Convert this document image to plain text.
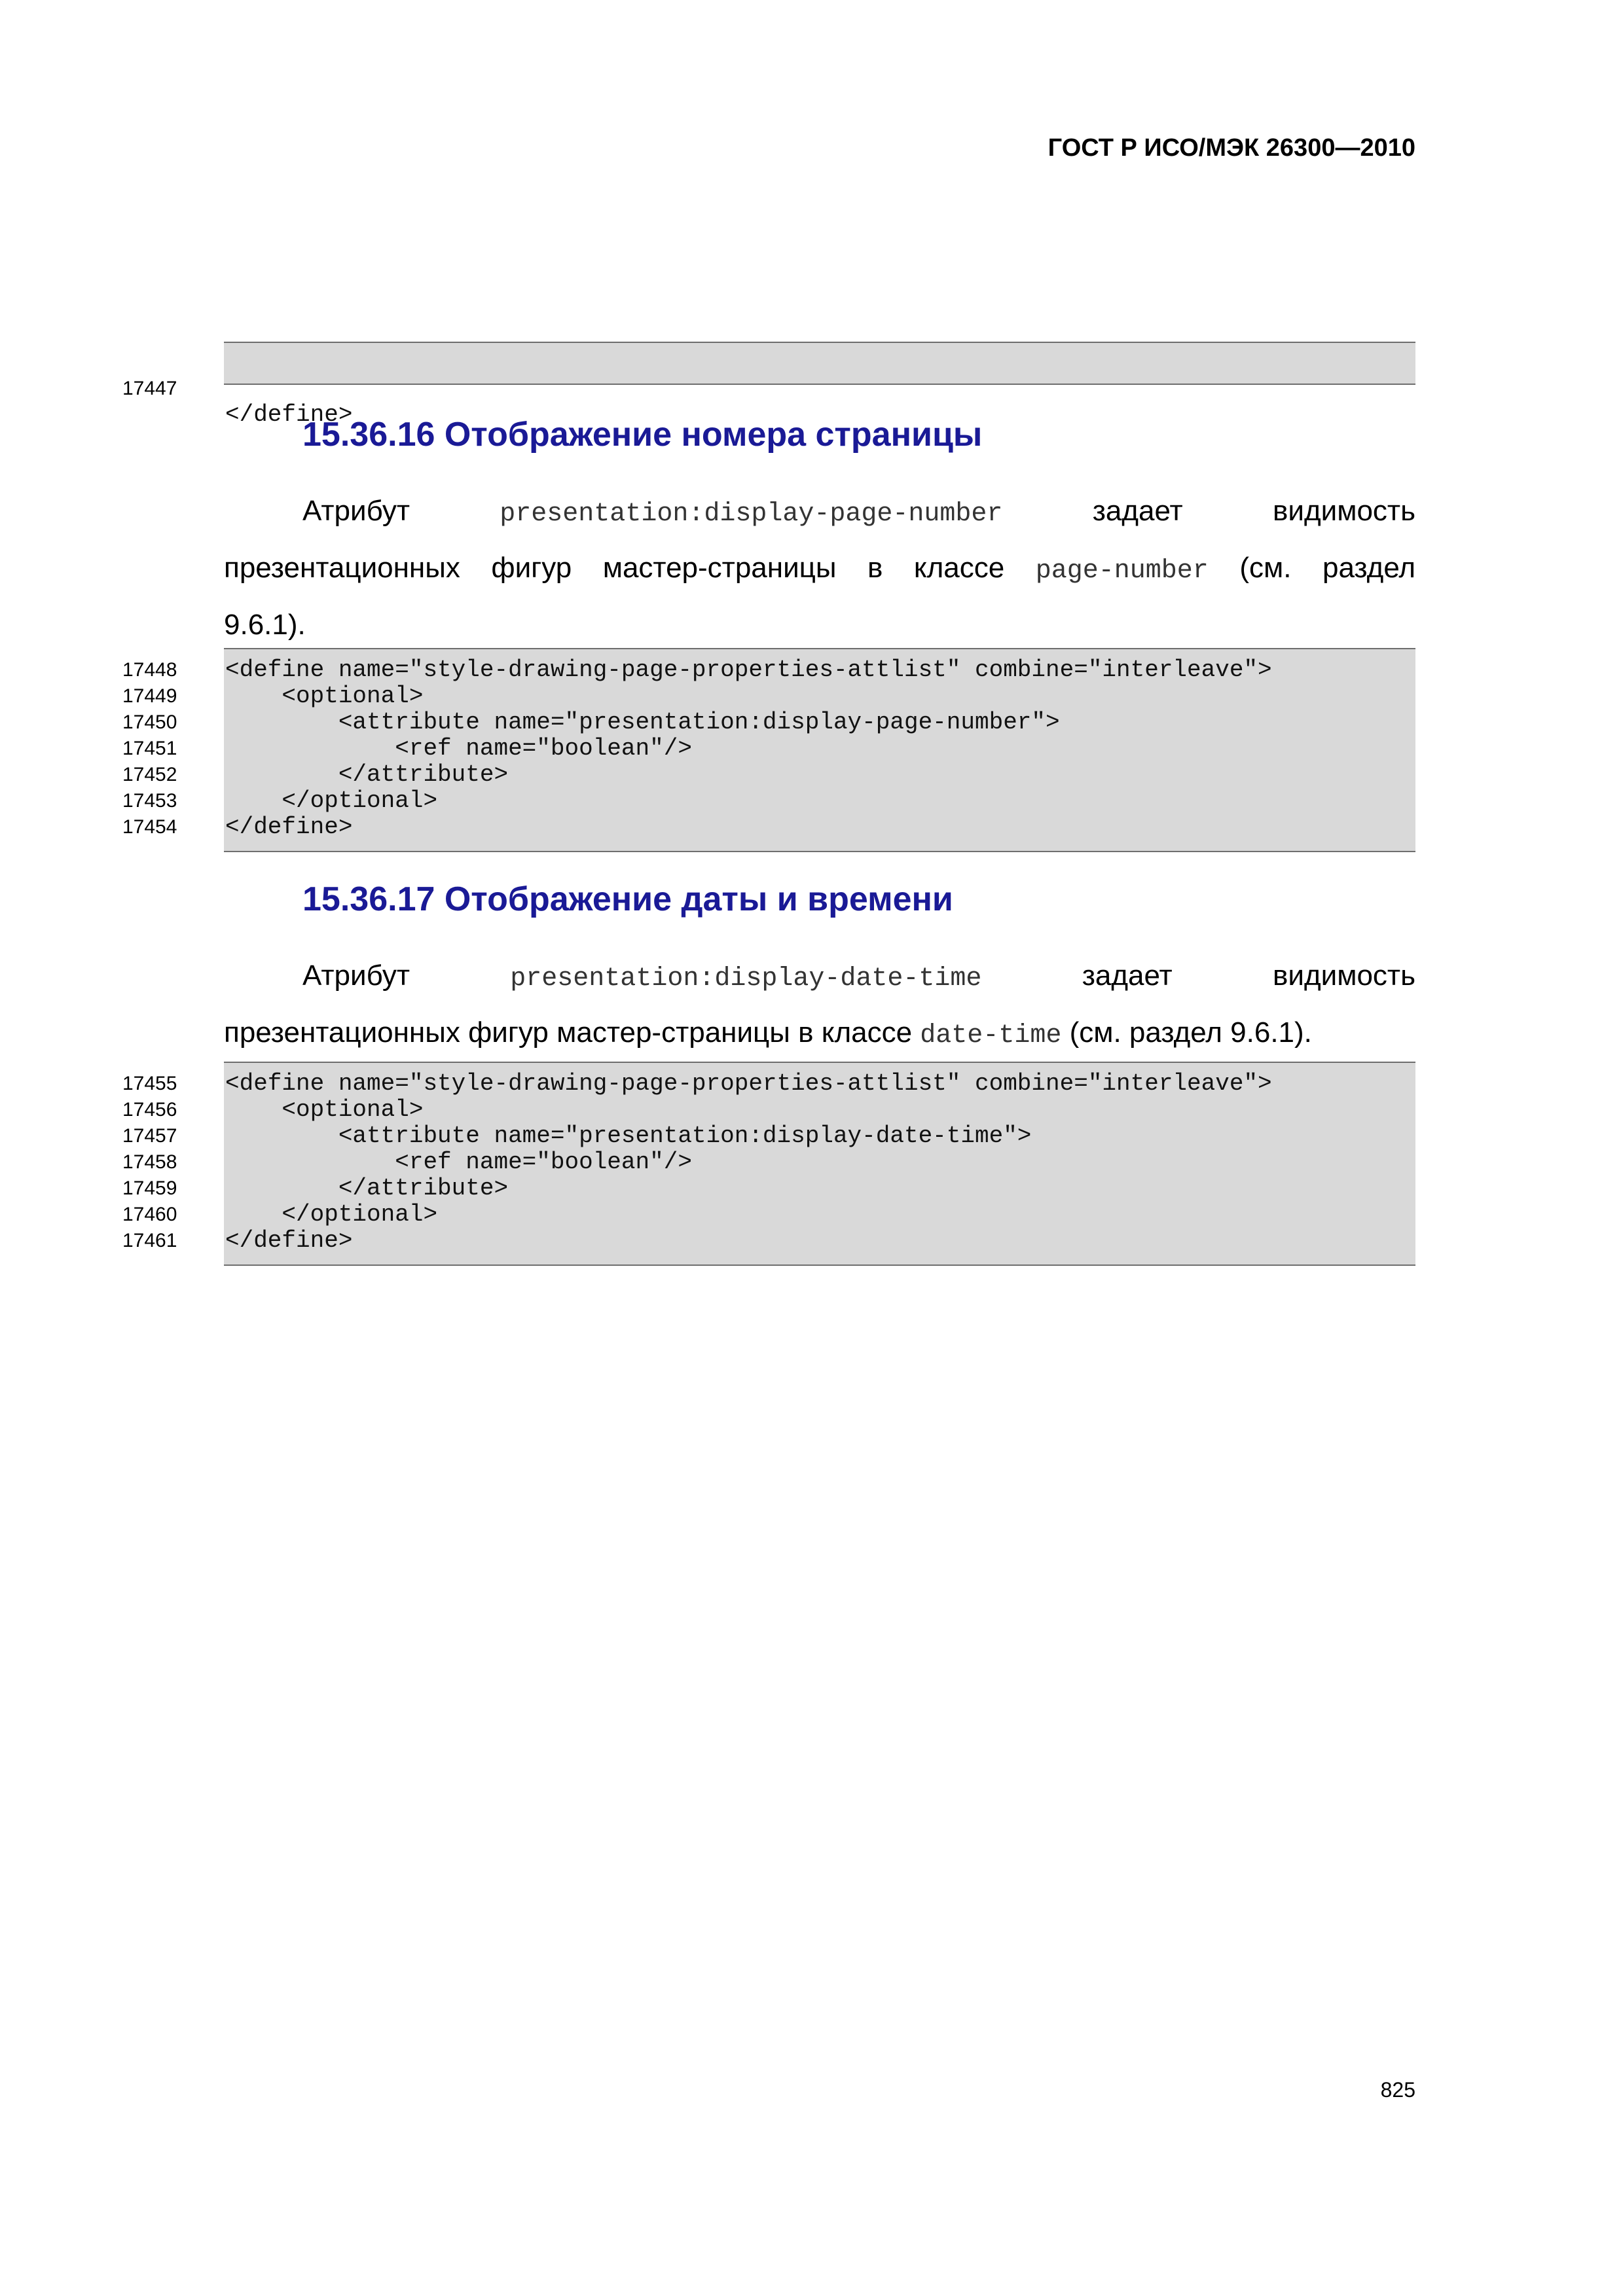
ГОСТ Р ИСО/МЭК 26300—2010

17447

</define>

15.36.16 Отображение номера страницы
Атрибут	presentation:display-page-number	задает	видимость
презентационных фигур мастер-страницы в классе page-number (см. раздел
9.6.1).
17448	<define name="style-drawing-page-properties-attlist" combine="interleave">
17449	<optional>
17450	<attribute name="presentation:display-page-number">
17451	<ref name="boolean"/>
17452	</attribute>
17453	</optional>
17454	</define>
15.36.17 Отображение даты и времени
Атрибут	presentation:display-date-time	задает	видимость
презентационных фигур мастер-страницы в классе date-time (см. раздел 9.6.1).
17455	<define name="style-drawing-page-properties-attlist" combine="interleave">
17456	<optional>
17457	<attribute name="presentation:display-date-time">
17458	<ref name="boolean"/>
17459	</attribute>
17460	</optional>
17461	</define>
825
